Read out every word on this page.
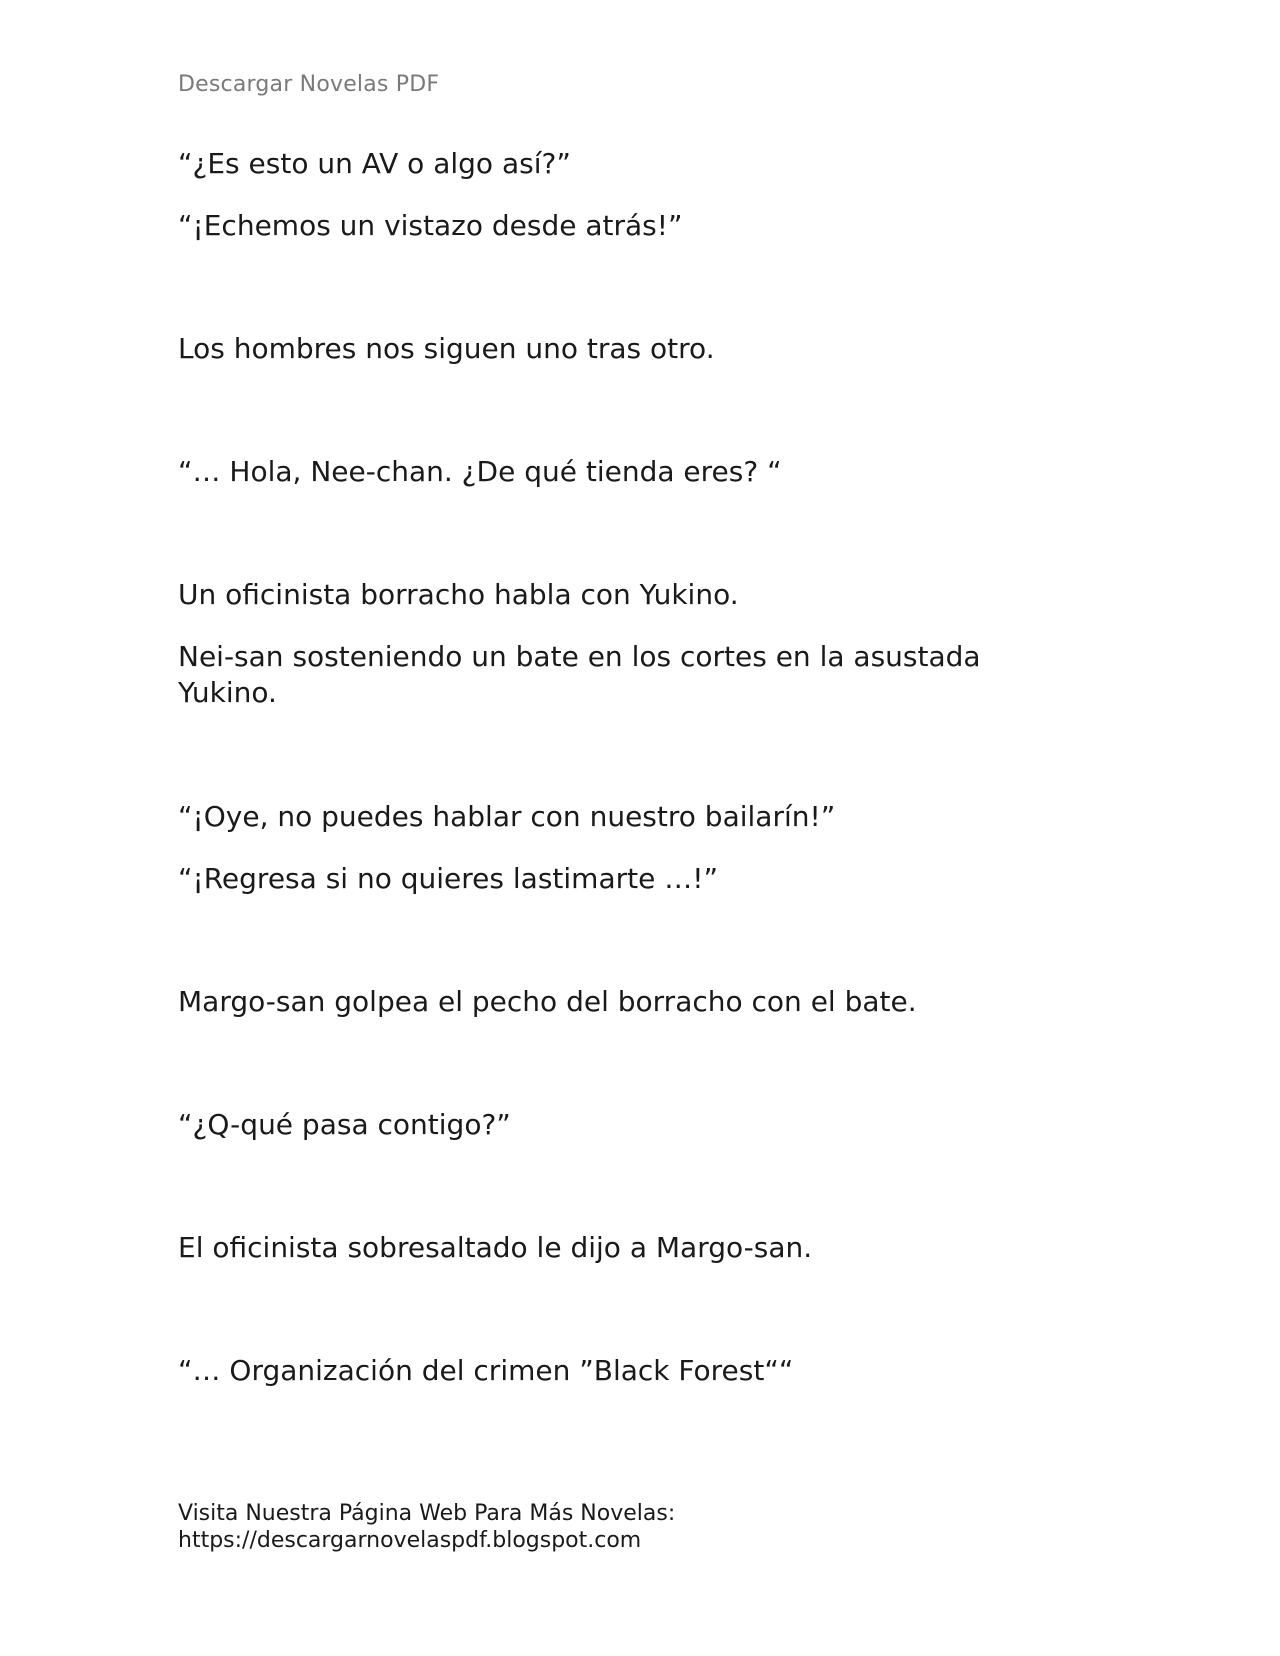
Descargar Novelas PDF

“¿Es esto un AV o algo así?”

“¡Echemos un vistazo desde atrás!”

Los hombres nos siguen uno tras otro.

“… Hola, Nee-chan. ¿De qué tienda eres? “

Un oficinista borracho habla con Yukino.

Nei-san sosteniendo un bate en los cortes en la asustada Yukino.

“¡Oye, no puedes hablar con nuestro bailarín!”

“¡Regresa si no quieres lastimarte …!”

Margo-san golpea el pecho del borracho con el bate.

“¿Q-qué pasa contigo?”

El oficinista sobresaltado le dijo a Margo-san.

“… Organización del crimen ”Black Forest““

Visita Nuestra Página Web Para Más Novelas:
https://descargarnovelaspdf.blogspot.com
